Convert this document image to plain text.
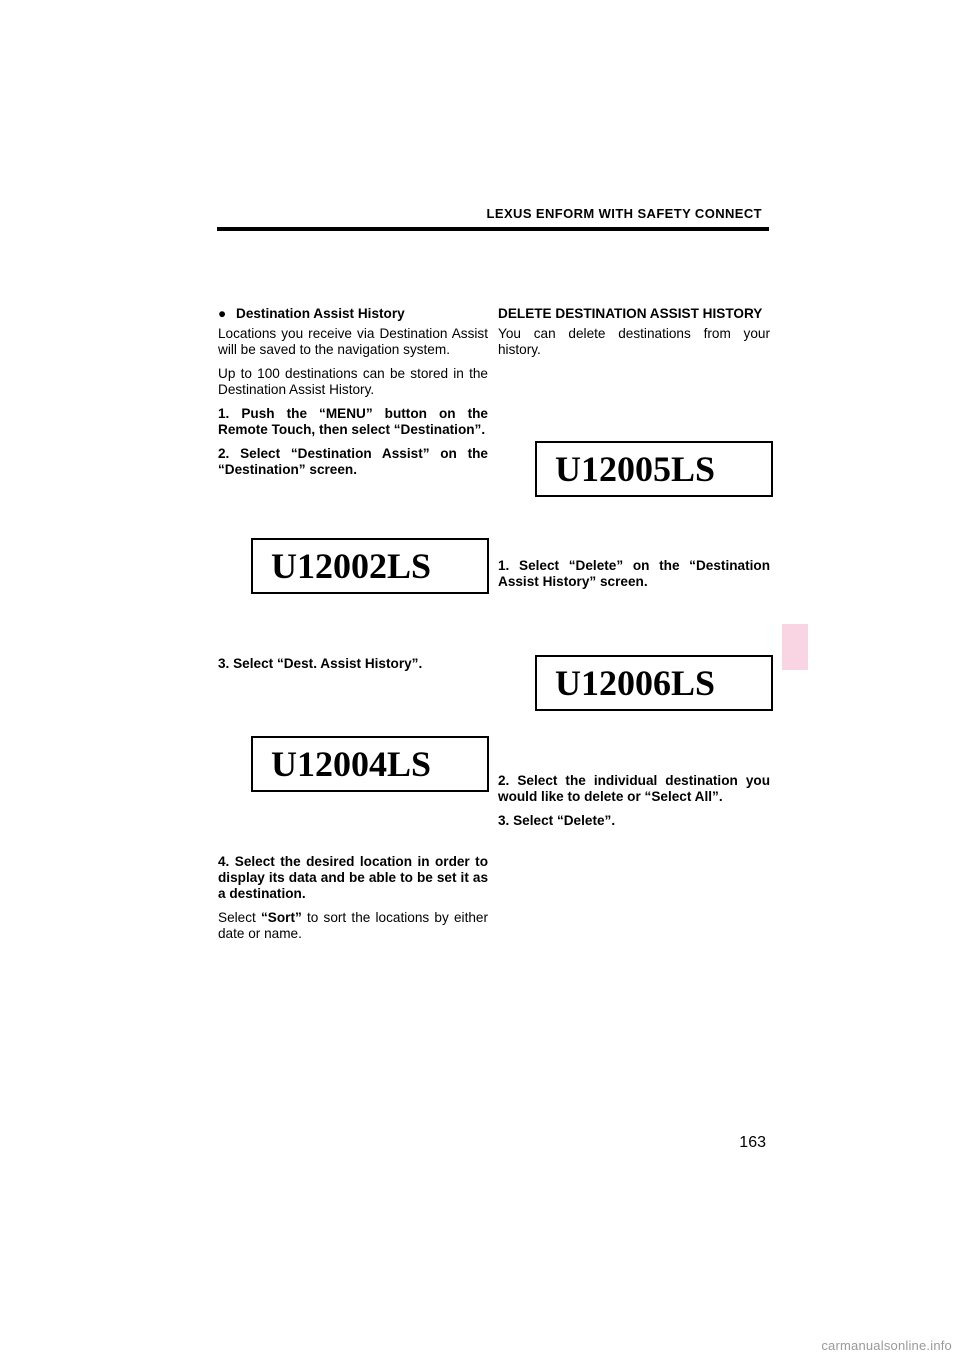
LEXUS ENFORM WITH SAFETY CONNECT

● Destination Assist History

Locations you receive via Destination Assist will be saved to the navigation system.

Up to 100 destinations can be stored in the Destination Assist History.

1. Push the “MENU” button on the Remote Touch, then select “Destination”.

2. Select “Destination Assist” on the “Destination” screen.

U12002LS

3. Select “Dest. Assist History”.

U12004LS

4. Select the desired location in order to display its data and be able to be set it as a destination.

Select “Sort” to sort the locations by either date or name.

DELETE DESTINATION ASSIST HISTORY

You can delete destinations from your history.

U12005LS

1. Select “Delete” on the “Destination Assist History” screen.

U12006LS

2. Select the individual destination you would like to delete or “Select All”.

3. Select “Delete”.

163
carmanualsonline.info
